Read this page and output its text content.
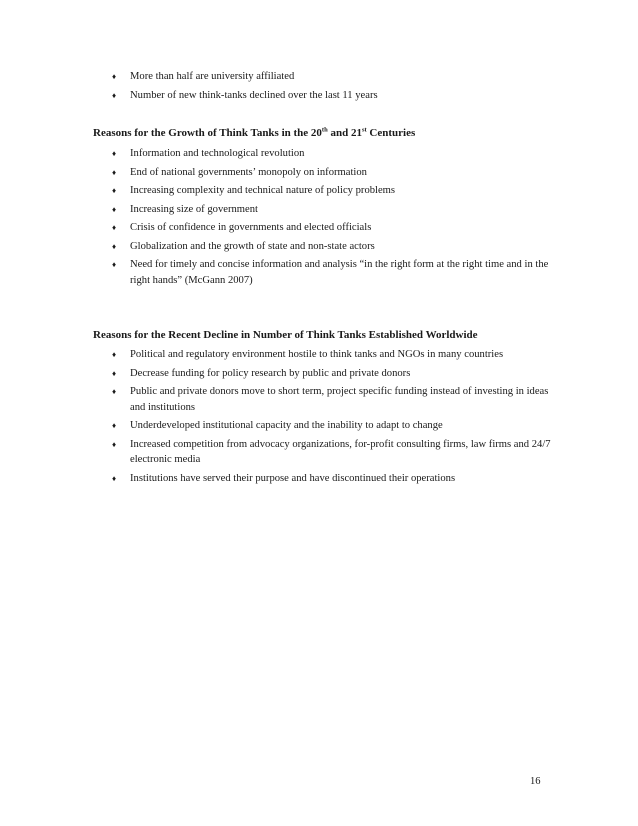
♦ More than half are university affiliated
♦ Number of new think-tanks declined over the last 11 years
Reasons for the Growth of Think Tanks in the 20th and 21st Centuries
♦ Information and technological revolution
♦ End of national governments’ monopoly on information
♦ Increasing complexity and technical nature of policy problems
♦ Increasing size of government
♦ Crisis of confidence in governments and elected officials
♦ Globalization and the growth of state and non-state actors
♦ Need for timely and concise information and analysis “in the right form at the right time and in the right hands” (McGann 2007)
Reasons for the Recent Decline in Number of Think Tanks Established Worldwide
♦ Political and regulatory environment hostile to think tanks and NGOs in many countries
♦ Decrease funding for policy research by public and private donors
♦ Public and private donors move to short term, project specific funding instead of investing in ideas and institutions
♦ Underdeveloped institutional capacity and the inability to adapt to change
♦ Increased competition from advocacy organizations, for-profit consulting firms, law firms and 24/7 electronic media
♦ Institutions have served their purpose and have discontinued their operations
16
